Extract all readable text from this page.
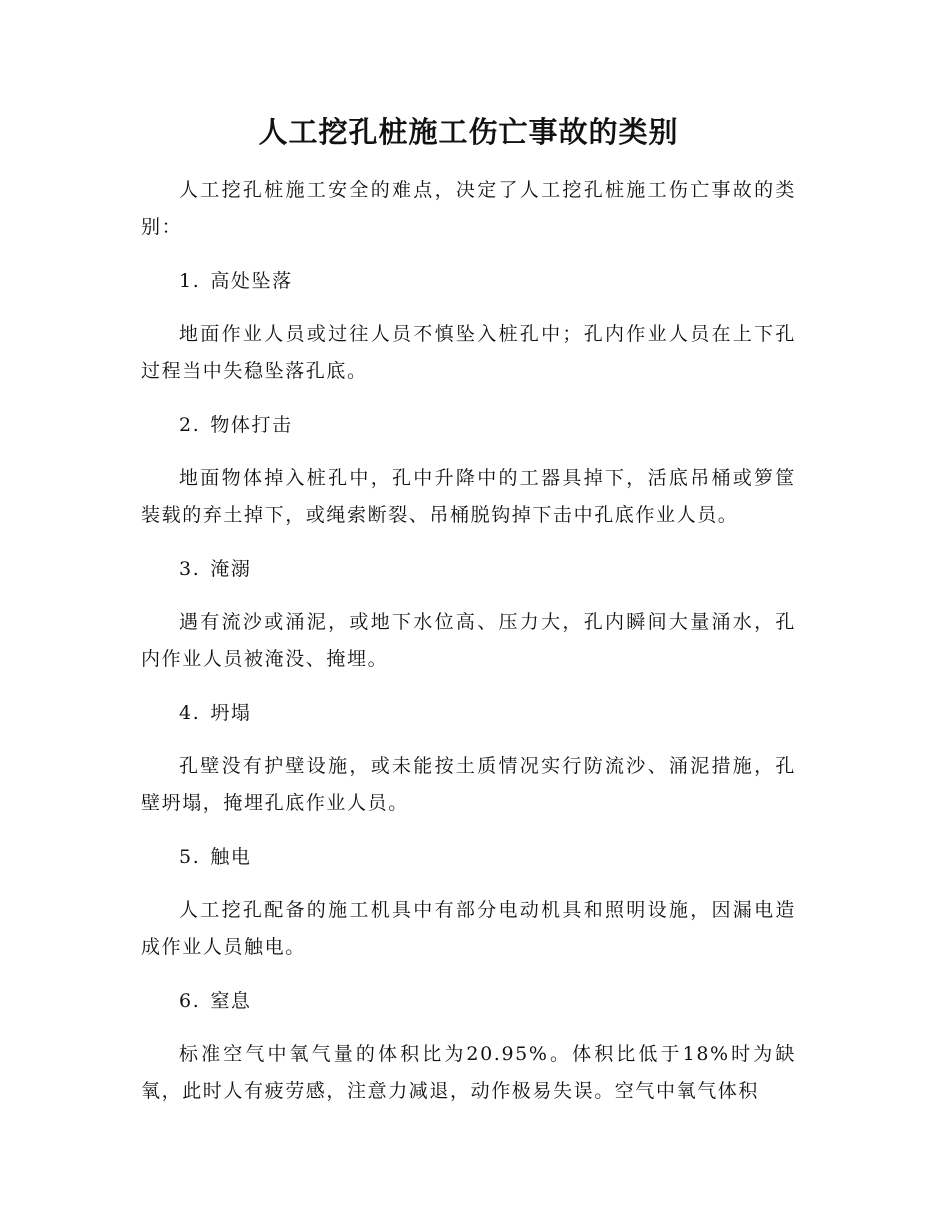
人工挖孔桩施工伤亡事故的类别

人工挖孔桩施工安全的难点，决定了人工挖孔桩施工伤亡事故的类别：

1. 高处坠落

地面作业人员或过往人员不慎坠入桩孔中；孔内作业人员在上下孔过程当中失稳坠落孔底。

2. 物体打击

地面物体掉入桩孔中，孔中升降中的工器具掉下，活底吊桶或箩筐装载的弃土掉下，或绳索断裂、吊桶脱钩掉下击中孔底作业人员。

3. 淹溺

遇有流沙或涌泥，或地下水位高、压力大，孔内瞬间大量涌水，孔内作业人员被淹没、掩埋。

4. 坍塌

孔壁没有护壁设施，或未能按土质情况实行防流沙、涌泥措施，孔壁坍塌，掩埋孔底作业人员。

5. 触电

人工挖孔配备的施工机具中有部分电动机具和照明设施，因漏电造成作业人员触电。

6. 窒息

标准空气中氧气量的体积比为20.95%。体积比低于18%时为缺氧，此时人有疲劳感，注意力减退，动作极易失误。空气中氧气体积
